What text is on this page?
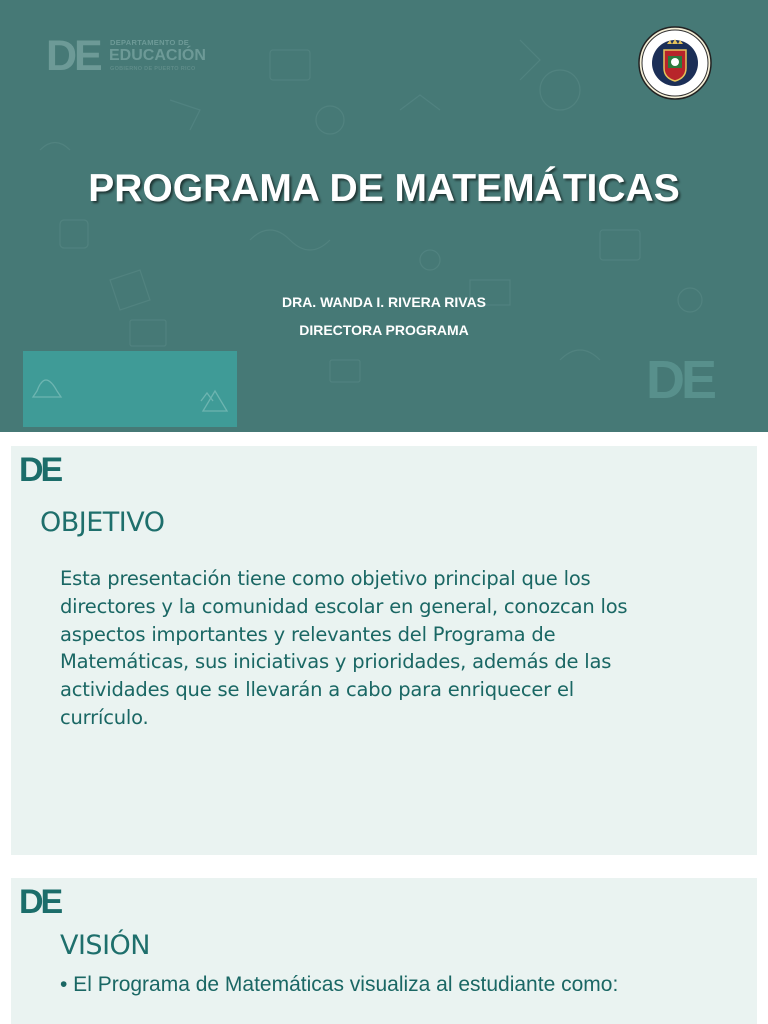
DE DEPARTAMENTO DE
EDUCACIÓN
GOBIERNO DE PUERTO RICO
PROGRAMA DE MATEMÁTICAS
DRA. WANDA I. RIVERA RIVAS
DIRECTORA PROGRAMA
DE
DE
OBJETIVO
Esta presentación tiene como objetivo principal que los
directores y la comunidad escolar en general, conozcan los
aspectos importantes y relevantes del Programa de
Matemáticas, sus iniciativas y prioridades, además de las
actividades que se llevarán a cabo para enriquecer el
currículo.
DE
VISIÓN
• El Programa de Matemáticas visualiza al estudiante como:
